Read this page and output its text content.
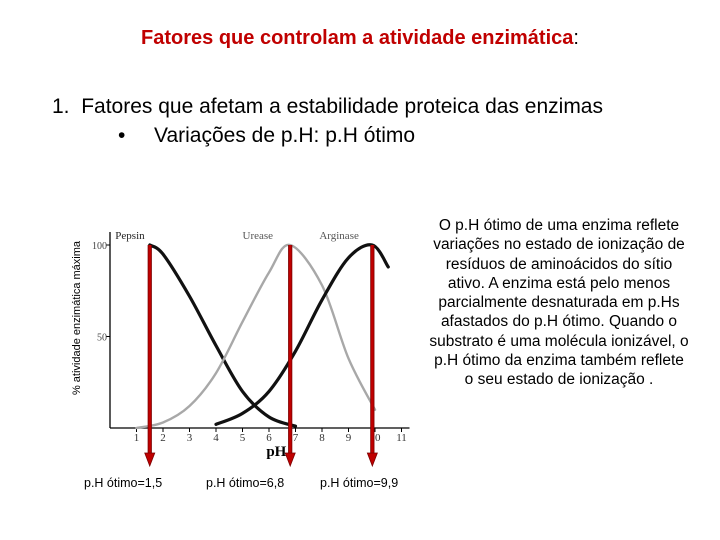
Fatores que controlam a atividade enzimática:
1. Fatores que afetam a estabilidade proteica das enzimas
• Variações de p.H: p.H ótimo
% atividade enzimática máxima 100
50
1 2 3 4 5 6 7 8 9 10 11
pH
Pepsin	Urease	Arginase
O p.H ótimo de uma enzima reflete variações no estado de ionização de resíduos de aminoácidos do sítio ativo. A enzima está pelo menos parcialmente desnaturada em p.Hs afastados do p.H ótimo. Quando o substrato é uma molécula ionizável, o p.H ótimo da enzima também reflete o seu estado de ionização .
p.H ótimo=1,5	p.H ótimo=6,8	p.H ótimo=9,9
